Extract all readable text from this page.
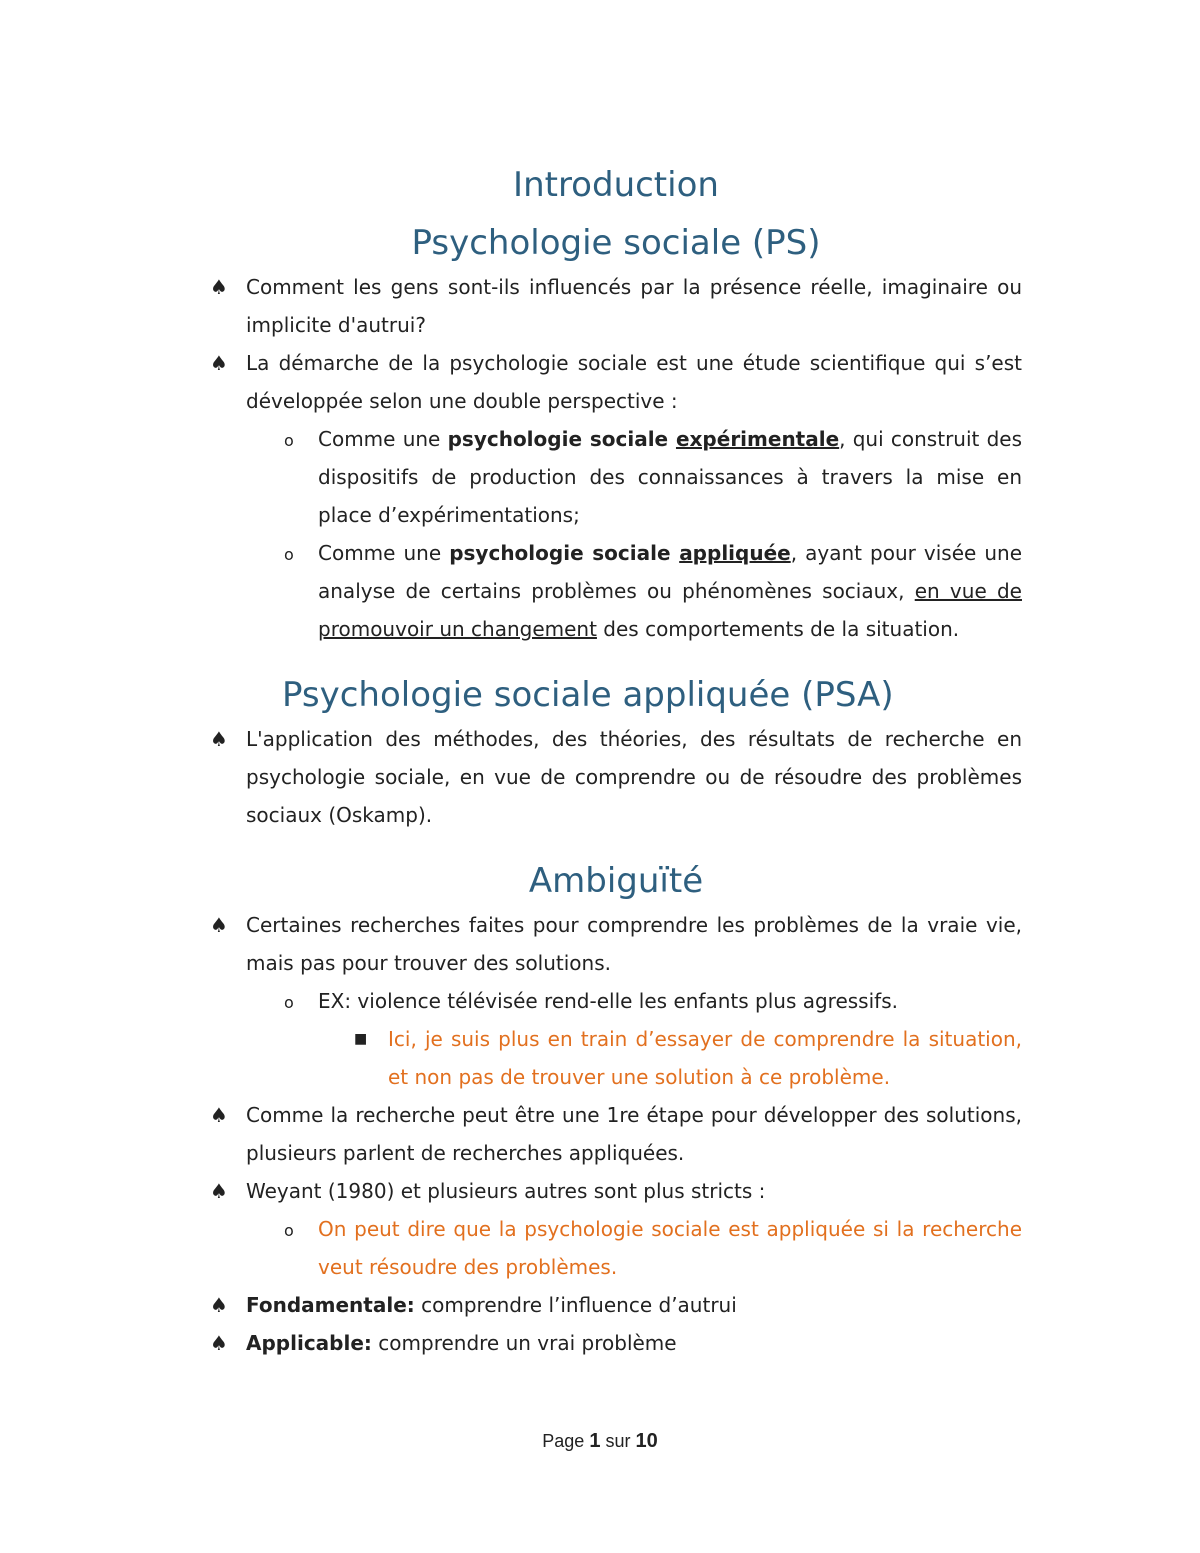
Introduction
Psychologie sociale (PS)
♠ Comment les gens sont-ils influencés par la présence réelle, imaginaire ou implicite d'autrui?
♠ La démarche de la psychologie sociale est une étude scientifique qui s’est développée selon une double perspective :
o Comme une psychologie sociale expérimentale, qui construit des dispositifs de production des connaissances à travers la mise en place d’expérimentations;
o Comme une psychologie sociale appliquée, ayant pour visée une analyse de certains problèmes ou phénomènes sociaux, en vue de promouvoir un changement des comportements de la situation.
Psychologie sociale appliquée (PSA)
♠ L'application des méthodes, des théories, des résultats de recherche en psychologie sociale, en vue de comprendre ou de résoudre des problèmes sociaux (Oskamp).
Ambiguïté
♠ Certaines recherches faites pour comprendre les problèmes de la vraie vie, mais pas pour trouver des solutions.
o EX: violence télévisée rend-elle les enfants plus agressifs.
■ Ici, je suis plus en train d’essayer de comprendre la situation, et non pas de trouver une solution à ce problème.
♠ Comme la recherche peut être une 1re étape pour développer des solutions, plusieurs parlent de recherches appliquées.
♠ Weyant (1980) et plusieurs autres sont plus stricts :
o On peut dire que la psychologie sociale est appliquée si la recherche veut résoudre des problèmes.
♠ Fondamentale: comprendre l’influence d’autrui
♠ Applicable: comprendre un vrai problème
Page 1 sur 10
